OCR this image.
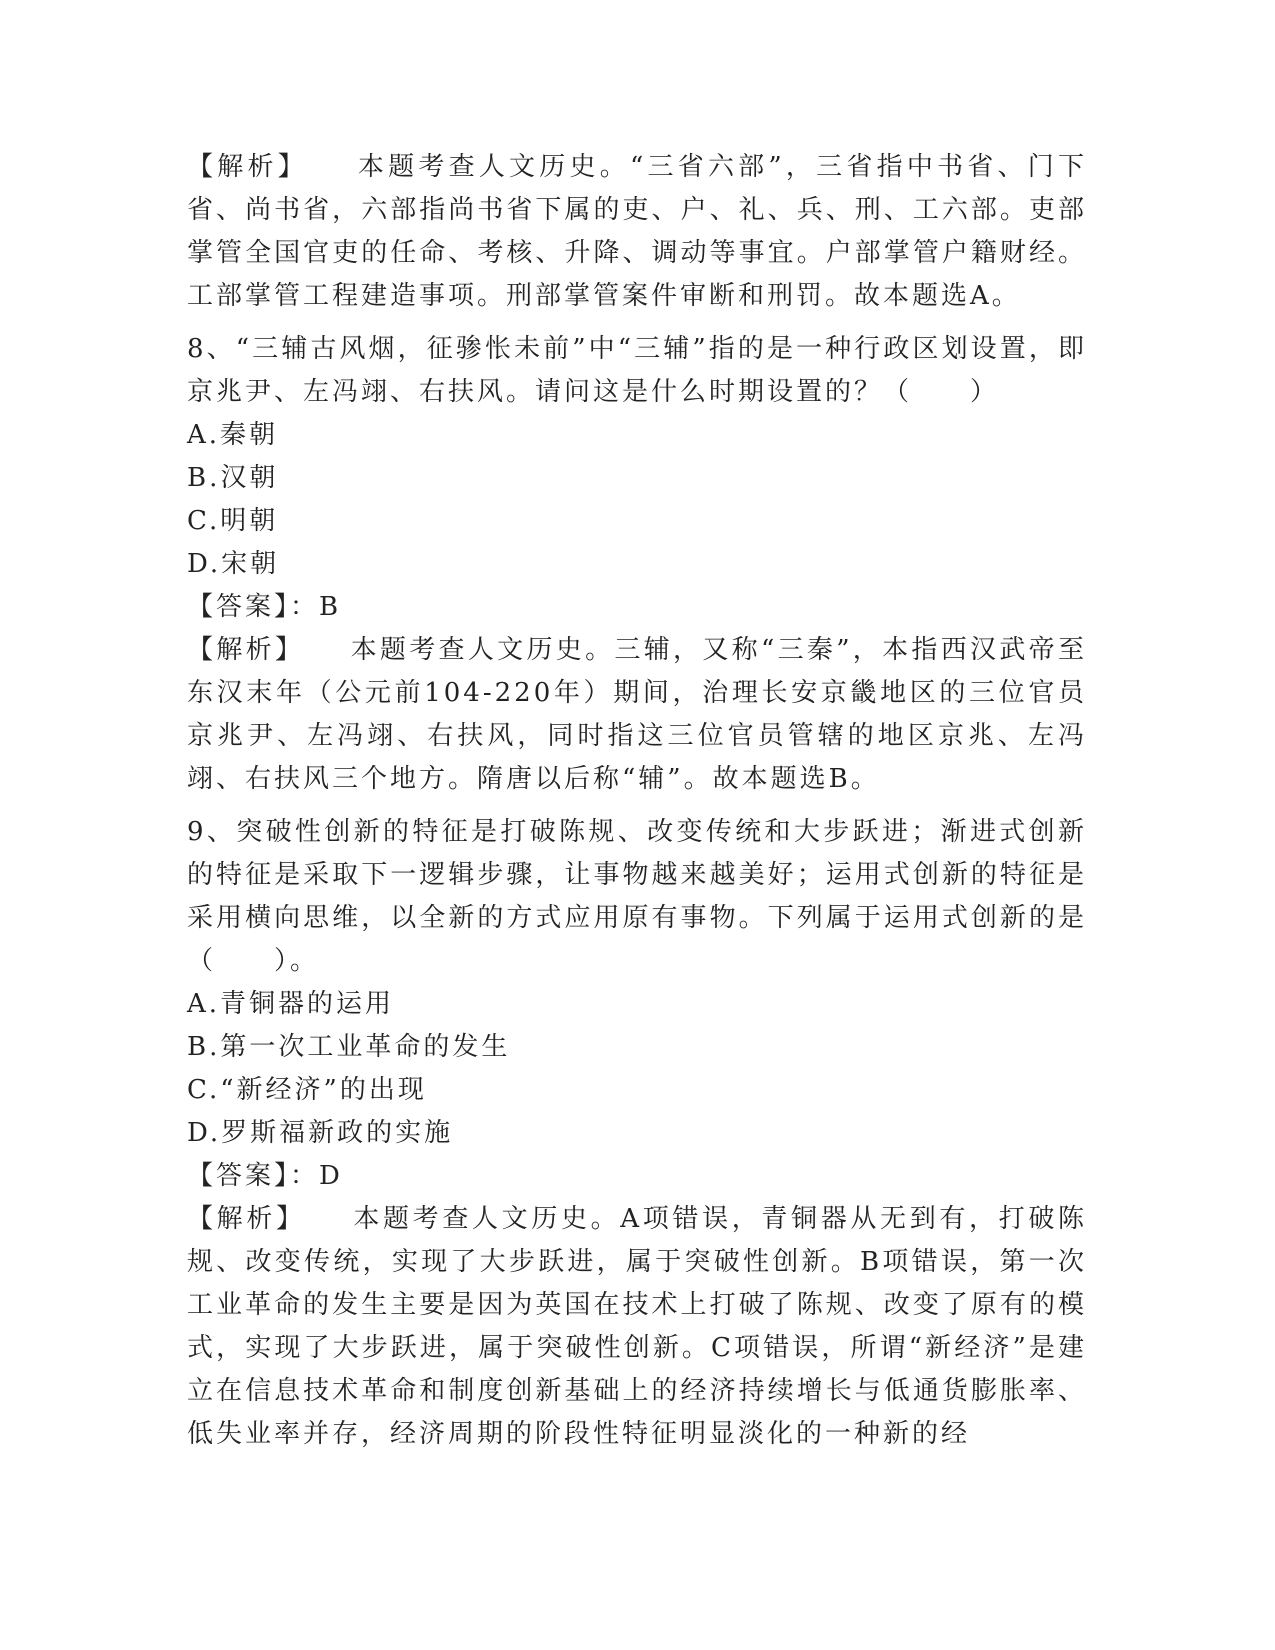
【解析】 本题考查人文历史。“三省六部”，三省指中书省、门下省、尚书省，六部指尚书省下属的吏、户、礼、兵、刑、工六部。吏部掌管全国官吏的任命、考核、升降、调动等事宜。户部掌管户籍财经。工部掌管工程建造事项。刑部掌管案件审断和刑罚。故本题选A。

8、“三辅古风烟，征骖怅未前”中“三辅”指的是一种行政区划设置，即京兆尹、左冯翊、右扶风。请问这是什么时期设置的？（　　）

A.秦朝

B.汉朝

C.明朝

D.宋朝

【答案】：B

【解析】 本题考查人文历史。三辅，又称“三秦”，本指西汉武帝至东汉末年（公元前104-220年）期间，治理长安京畿地区的三位官员京兆尹、左冯翊、右扶风，同时指这三位官员管辖的地区京兆、左冯翊、右扶风三个地方。隋唐以后称“辅”。故本题选B。

9、突破性创新的特征是打破陈规、改变传统和大步跃进；渐进式创新的特征是采取下一逻辑步骤，让事物越来越美好；运用式创新的特征是采用横向思维，以全新的方式应用原有事物。下列属于运用式创新的是（　　）。

A.青铜器的运用

B.第一次工业革命的发生

C.“新经济”的出现

D.罗斯福新政的实施

【答案】：D

【解析】 本题考查人文历史。A项错误，青铜器从无到有，打破陈规、改变传统，实现了大步跃进，属于突破性创新。B项错误，第一次工业革命的发生主要是因为英国在技术上打破了陈规、改变了原有的模式，实现了大步跃进，属于突破性创新。C项错误，所谓“新经济”是建立在信息技术革命和制度创新基础上的经济持续增长与低通货膨胀率、低失业率并存，经济周期的阶段性特征明显淡化的一种新的经
